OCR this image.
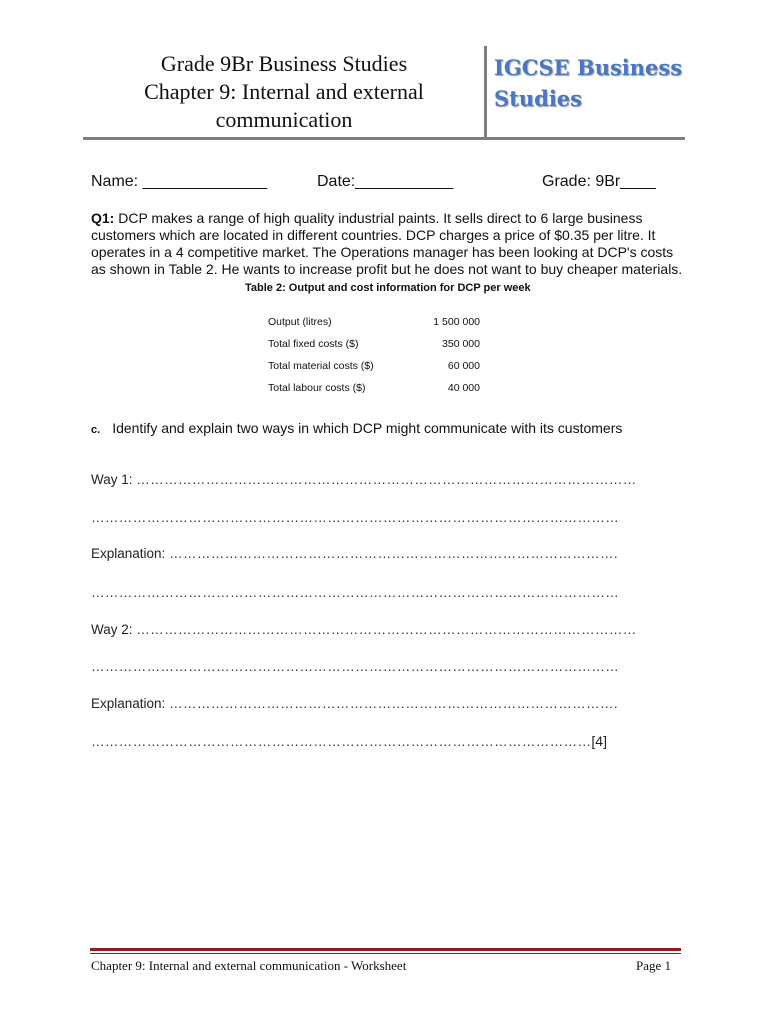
Grade 9Br Business Studies
Chapter 9: Internal and external
communication
IGCSE Business
Studies
Name: ______________	Date:___________	Grade: 9Br____
Q1: DCP makes a range of high quality industrial paints. It sells direct to 6 large business
customers which are located in different countries. DCP charges a price of $0.35 per litre. It
operates in a 4 competitive market. The Operations manager has been looking at DCP's costs
as shown in Table 2. He wants to increase profit but he does not want to buy cheaper materials.
Table 2: Output and cost information for DCP per week
Output (litres)	1 500 000
Total fixed costs ($)	350 000
Total material costs ($)	60 000
Total labour costs ($)	40 000
c. Identify and explain two ways in which DCP might communicate with its customers
Way 1: ………………………………………………………………………………………………
……………………………………………………………………………………………………
Explanation: …………………………………………………………………………………….
……………………………………………………………………………………………………
Way 2: ………………………………………………………………………………………………
……………………………………………………………………………………………………
Explanation: …………………………………………………………………………………….
………………………………………………………………………………………………[4]
Chapter 9: Internal and external communication - Worksheet	Page 1
